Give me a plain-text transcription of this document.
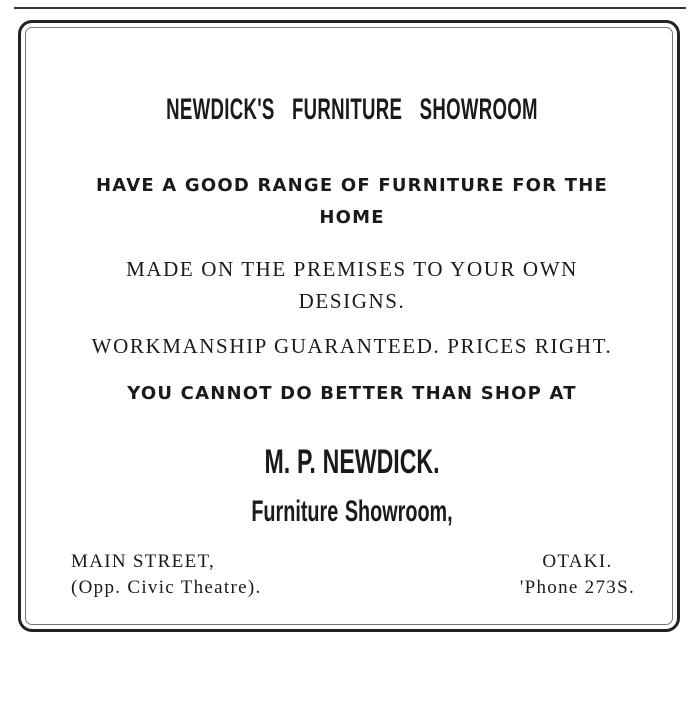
NEWDICK'S FURNITURE SHOWROOM

HAVE A GOOD RANGE OF FURNITURE FOR THE

HOME

MADE ON THE PREMISES TO YOUR OWN

DESIGNS.

WORKMANSHIP GUARANTEED. PRICES RIGHT.

YOU CANNOT DO BETTER THAN SHOP AT

M. P. NEWDICK.

Furniture Showroom,

MAIN STREET,
(Opp. Civic Theatre).
OTAKI.
'Phone 273S.
